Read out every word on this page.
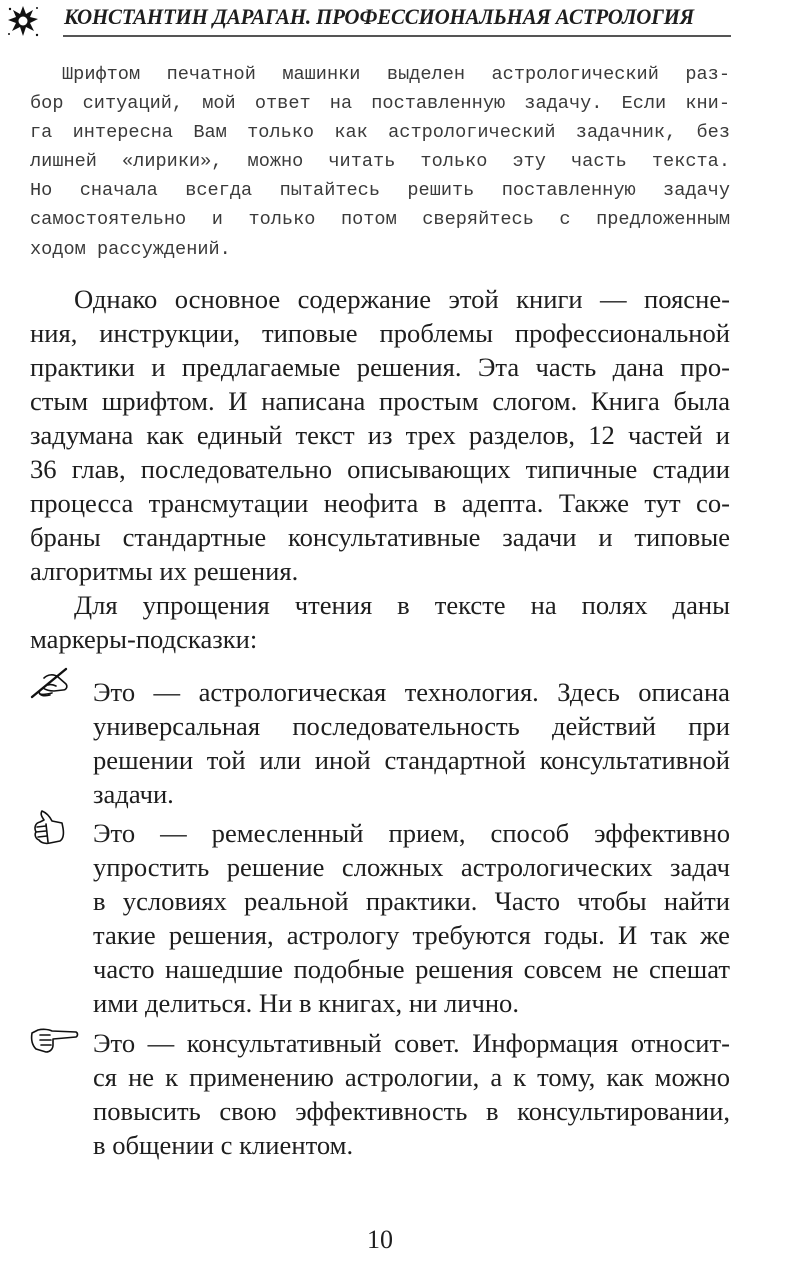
КОНСТАНТИН ДАРАГАН. ПРОФЕССИОНАЛЬНАЯ АСТРОЛОГИЯ
Шрифтом печатной машинки выделен астрологический раз-
бор ситуаций, мой ответ на поставленную задачу. Если кни-
га интересна Вам только как астрологический задачник, без
лишней «лирики», можно читать только эту часть текста.
Но сначала всегда пытайтесь решить поставленную задачу
самостоятельно и только потом сверяйтесь с предложенным
ходом рассуждений.
Однако основное содержание этой книги — поясне-
ния, инструкции, типовые проблемы профессиональной
практики и предлагаемые решения. Эта часть дана про-
стым шрифтом. И написана простым слогом. Книга была
задумана как единый текст из трех разделов, 12 частей и
36 глав, последовательно описывающих типичные стадии
процесса трансмутации неофита в адепта. Также тут со-
браны стандартные консультативные задачи и типовые
алгоритмы их решения.
Для упрощения чтения в тексте на полях даны
маркеры-подсказки:
Это — астрологическая технология. Здесь описана
универсальная последовательность действий при
решении той или иной стандартной консультативной
задачи.
Это — ремесленный прием, способ эффективно
упростить решение сложных астрологических задач
в условиях реальной практики. Часто чтобы найти
такие решения, астрологу требуются годы. И так же
часто нашедшие подобные решения совсем не спешат
ими делиться. Ни в книгах, ни лично.
Это — консультативный совет. Информация относит-
ся не к применению астрологии, а к тому, как можно
повысить свою эффективность в консультировании,
в общении с клиентом.
10
